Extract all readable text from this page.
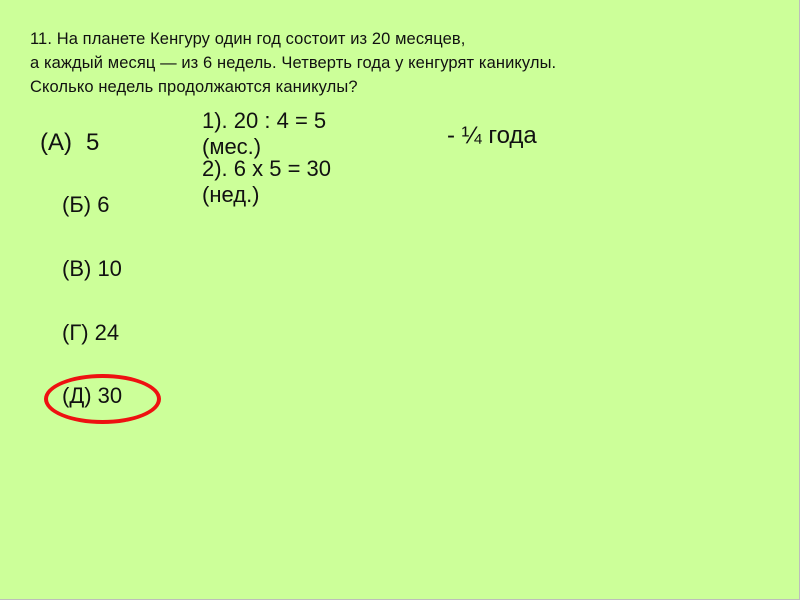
11. На планете Кенгуру один год состоит из 20 месяцев,
а каждый месяц — из 6 недель. Четверть года у кенгурят каникулы.
Сколько недель продолжаются каникулы?
(А) 5
(Б) 6
(В) 10
(Г) 24
(Д) 30
1). 20 : 4 = 5 (мес.)
2). 6 х 5 = 30 (нед.)
- ¼ года
